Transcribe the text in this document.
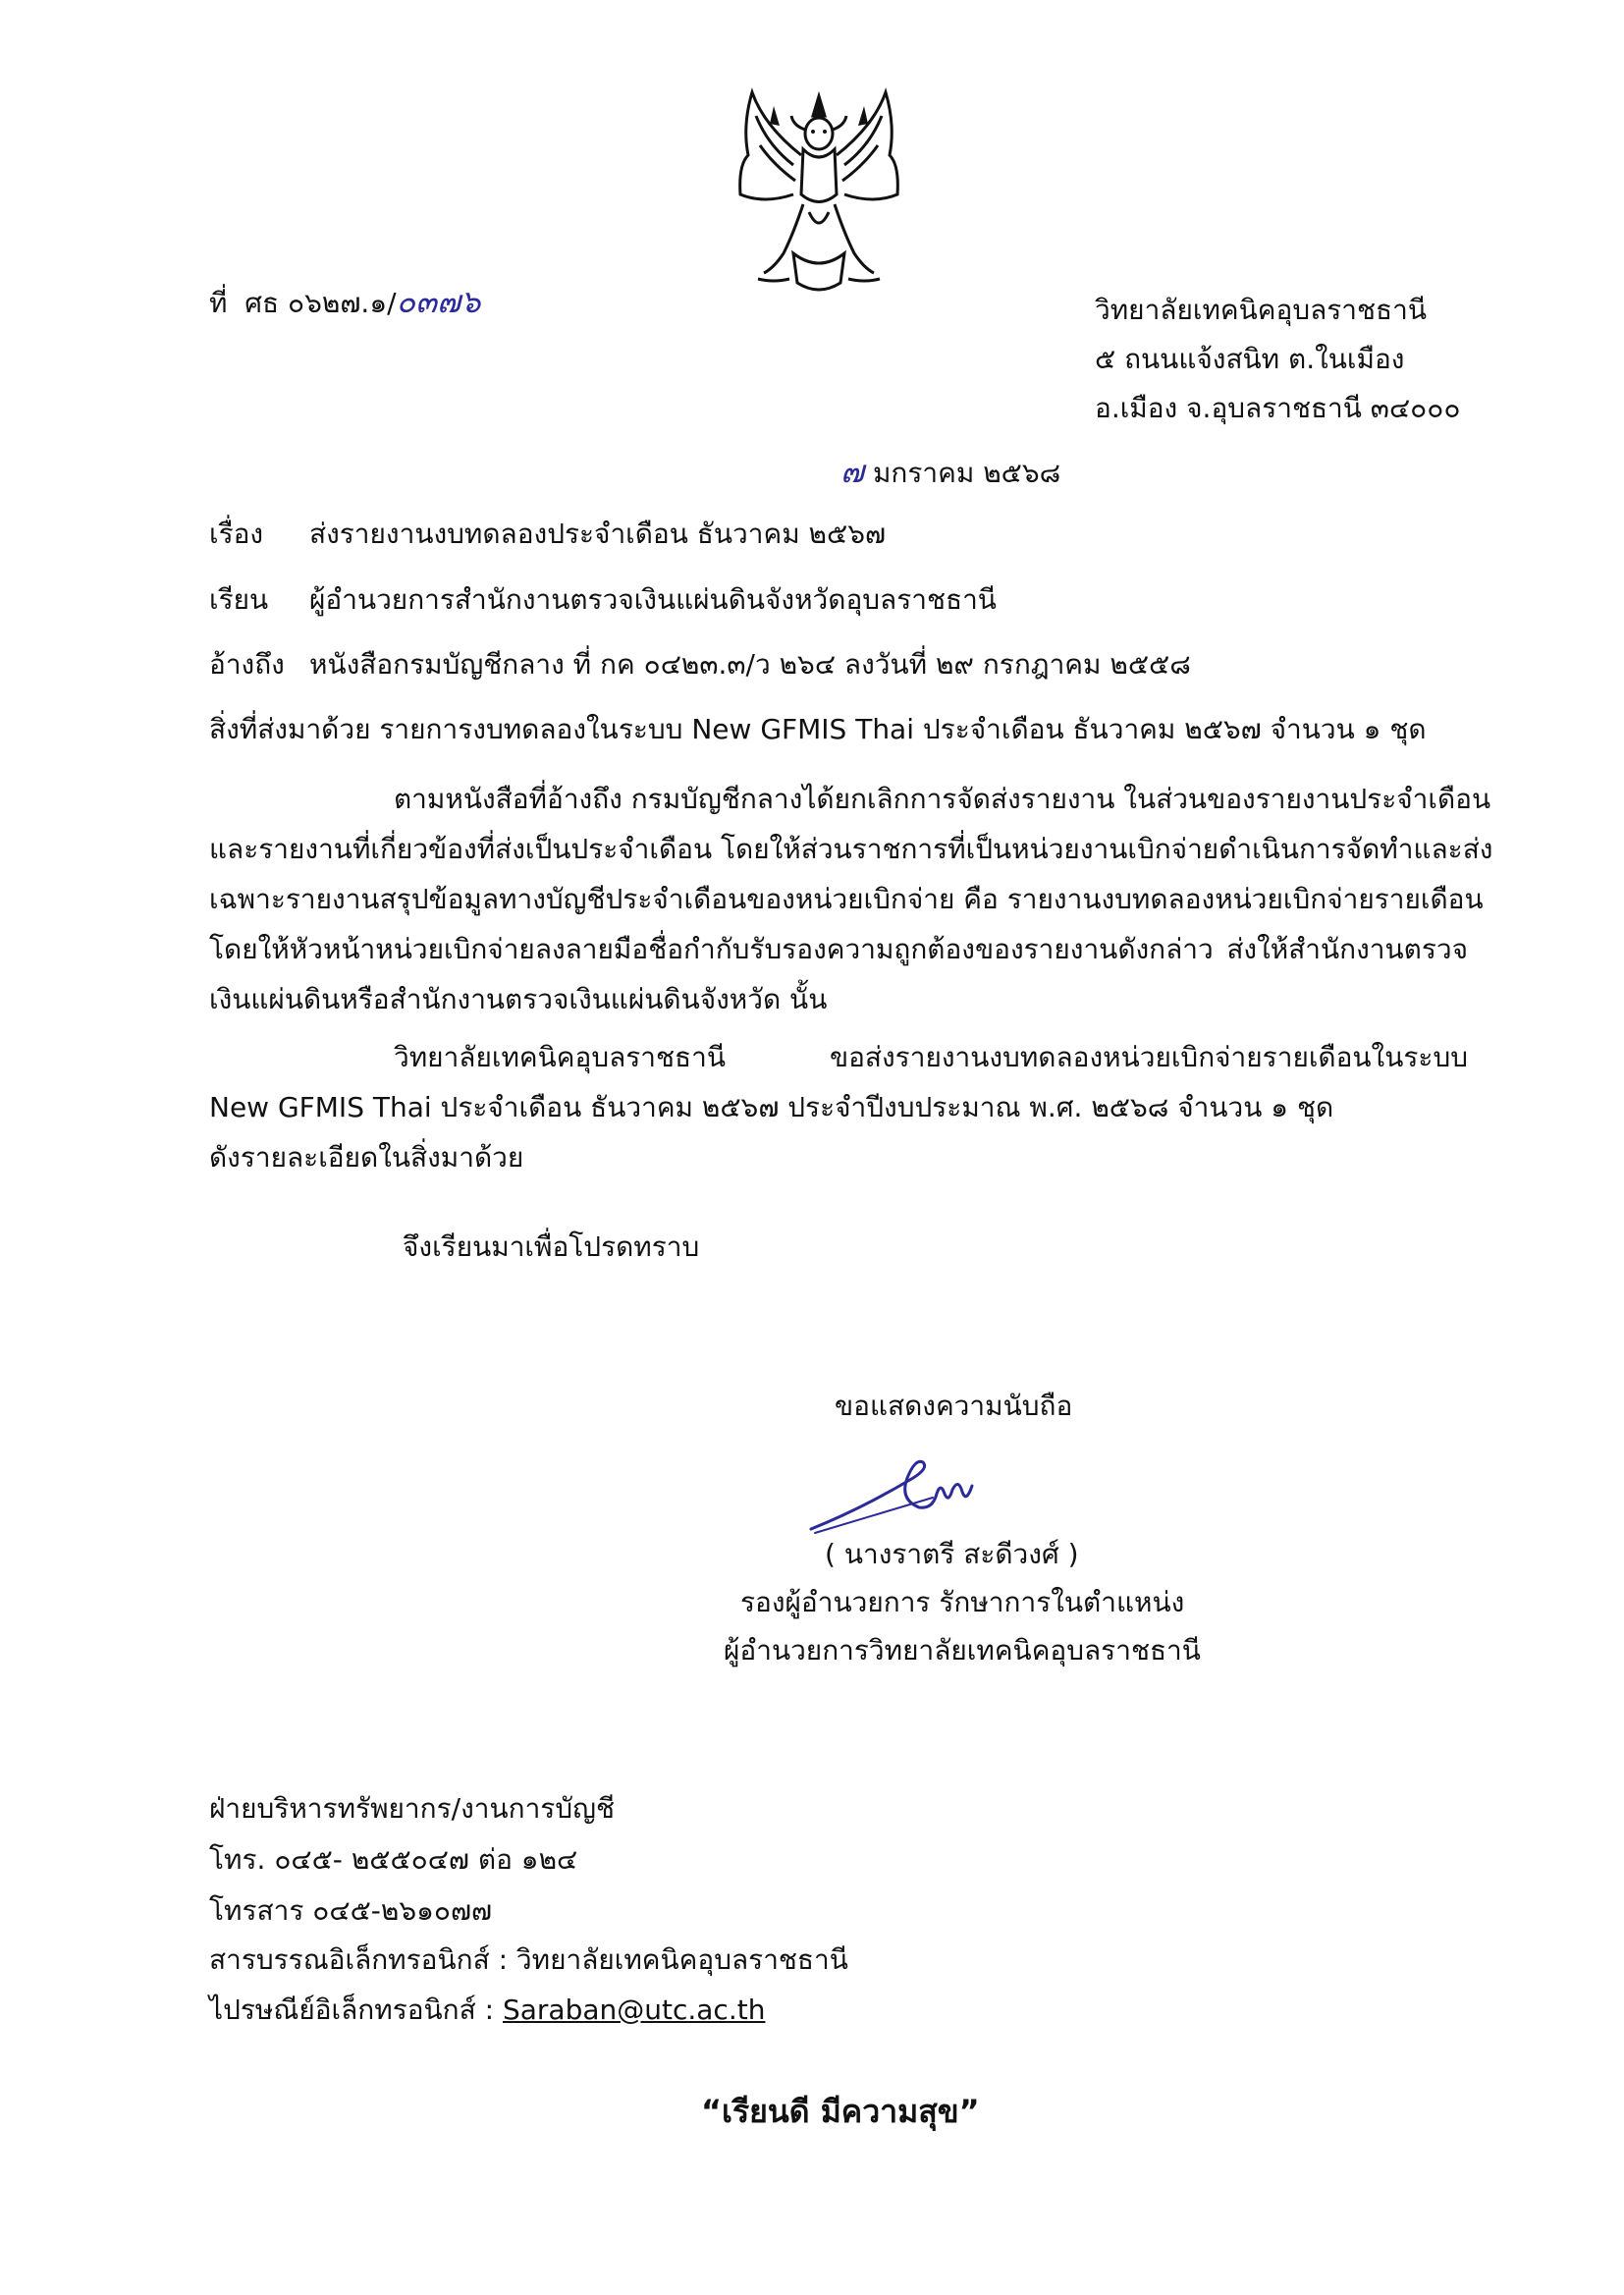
ที่ ศธ ๐๖๒๗.๑/๐๓๗๖	วิทยาลัยเทคนิคอุบลราชธานี
๕ ถนนแจ้งสนิท ต.ในเมือง
อ.เมือง จ.อุบลราชธานี ๓๔๐๐๐
๗ มกราคม ๒๕๖๘
เรื่อง ส่งรายงานงบทดลองประจำเดือน ธันวาคม ๒๕๖๗
เรียน ผู้อำนวยการสำนักงานตรวจเงินแผ่นดินจังหวัดอุบลราชธานี
อ้างถึง หนังสือกรมบัญชีกลาง ที่ กค ๐๔๒๓.๓/ว ๒๖๔ ลงวันที่ ๒๙ กรกฎาคม ๒๕๕๘
สิ่งที่ส่งมาด้วย รายการงบทดลองในระบบ New GFMIS Thai ประจำเดือน ธันวาคม ๒๕๖๗ จำนวน ๑ ชุด
ตามหนังสือที่อ้างถึง กรมบัญชีกลางได้ยกเลิกการจัดส่งรายงาน ในส่วนของรายงานประจำเดือน
และรายงานที่เกี่ยวข้องที่ส่งเป็นประจำเดือน โดยให้ส่วนราชการที่เป็นหน่วยงานเบิกจ่ายดำเนินการจัดทำและส่ง
เฉพาะรายงานสรุปข้อมูลทางบัญชีประจำเดือนของหน่วยเบิกจ่าย คือ รายงานงบทดลองหน่วยเบิกจ่ายรายเดือน
โดยให้หัวหน้าหน่วยเบิกจ่ายลงลายมือชื่อกำกับรับรองความถูกต้องของรายงานดังกล่าว ส่งให้สำนักงานตรวจ
เงินแผ่นดินหรือสำนักงานตรวจเงินแผ่นดินจังหวัด นั้น
วิทยาลัยเทคนิคอุบลราชธานี ขอส่งรายงานงบทดลองหน่วยเบิกจ่ายรายเดือนในระบบ
New GFMIS Thai ประจำเดือน ธันวาคม ๒๕๖๗ ประจำปีงบประมาณ พ.ศ. ๒๕๖๘ จำนวน ๑ ชุด
ดังรายละเอียดในสิ่งมาด้วย
จึงเรียนมาเพื่อโปรดทราบ
ขอแสดงความนับถือ
( นางราตรี สะดีวงศ์ )
รองผู้อำนวยการ รักษาการในตำแหน่ง
ผู้อำนวยการวิทยาลัยเทคนิคอุบลราชธานี
ฝ่ายบริหารทรัพยากร/งานการบัญชี
โทร. ๐๔๕- ๒๕๕๐๔๗ ต่อ ๑๒๔
โทรสาร ๐๔๕-๒๖๑๐๗๗
สารบรรณอิเล็กทรอนิกส์ : วิทยาลัยเทคนิคอุบลราชธานี
ไปรษณีย์อิเล็กทรอนิกส์ : Saraban@utc.ac.th
“เรียนดี มีความสุข”
